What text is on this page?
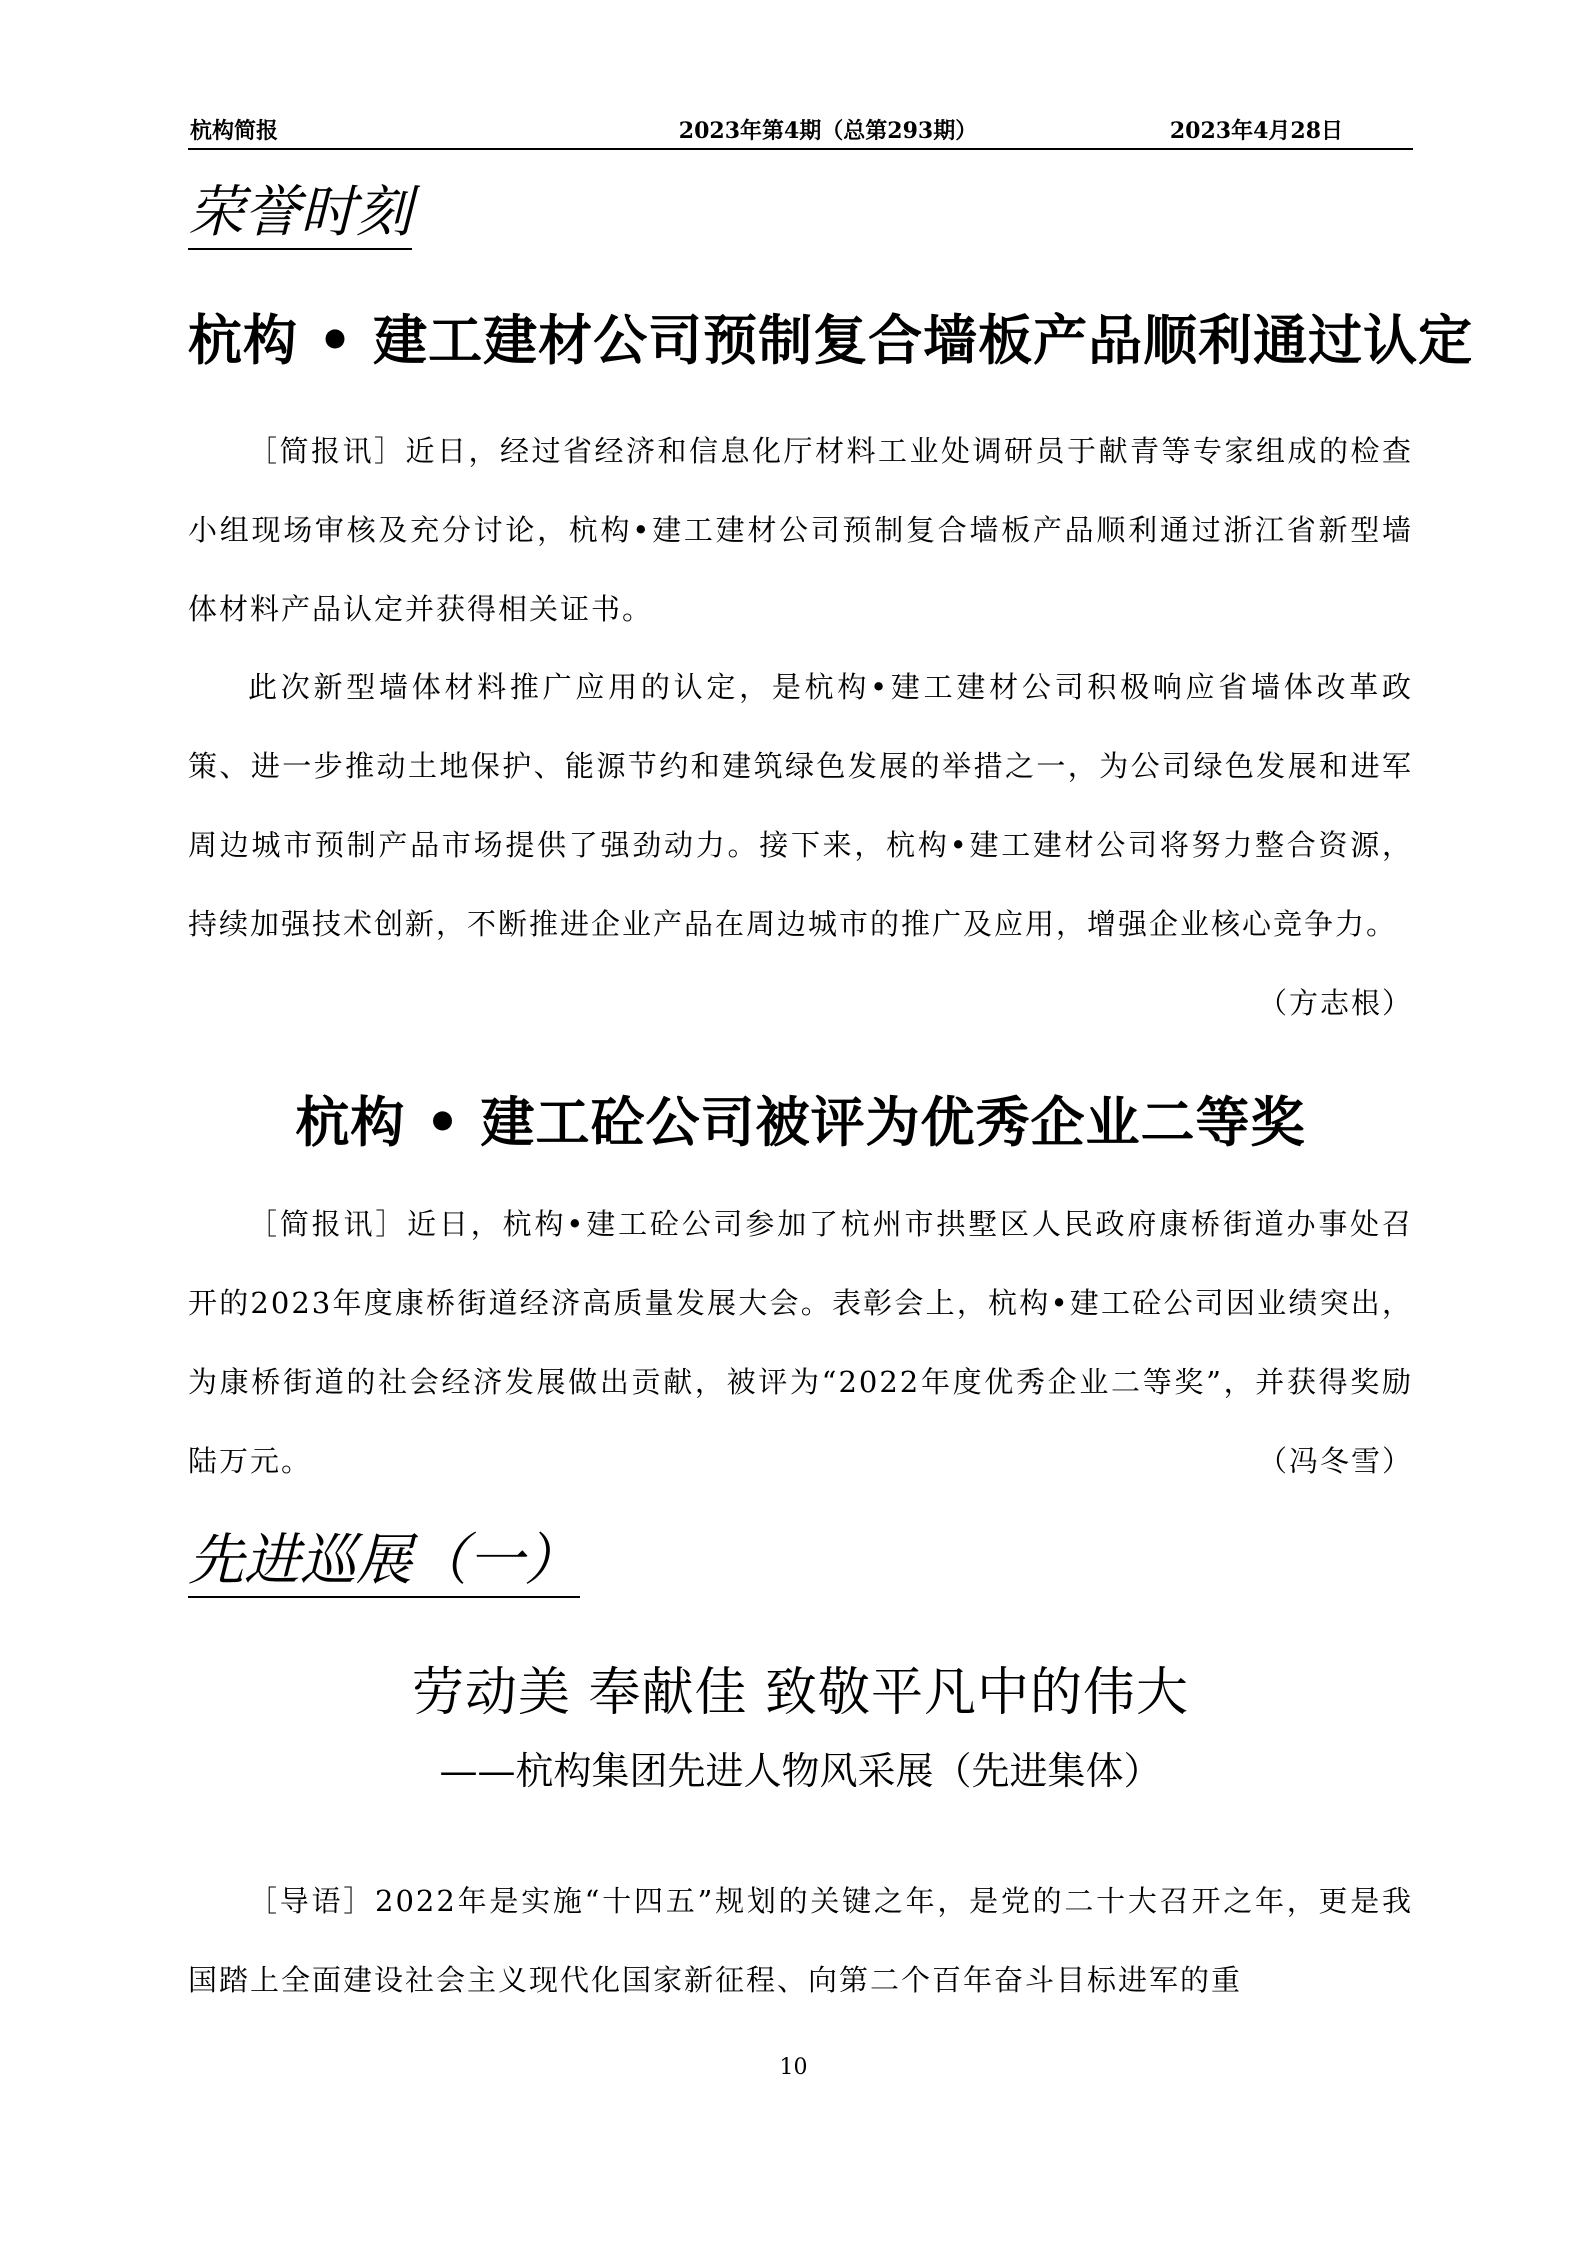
杭构简报	2023年第4期（总第293期）	2023年4月28日
荣誉时刻
杭构 • 建工建材公司预制复合墙板产品顺利通过认定
［简报讯］近日，经过省经济和信息化厅材料工业处调研员于献青等专家组成的检查小组现场审核及充分讨论，杭构•建工建材公司预制复合墙板产品顺利通过浙江省新型墙体材料产品认定并获得相关证书。
此次新型墙体材料推广应用的认定，是杭构•建工建材公司积极响应省墙体改革政策、进一步推动土地保护、能源节约和建筑绿色发展的举措之一，为公司绿色发展和进军周边城市预制产品市场提供了强劲动力。接下来，杭构•建工建材公司将努力整合资源，持续加强技术创新，不断推进企业产品在周边城市的推广及应用，增强企业核心竞争力。
（方志根）
杭构 • 建工砼公司被评为优秀企业二等奖
［简报讯］近日，杭构•建工砼公司参加了杭州市拱墅区人民政府康桥街道办事处召开的2023年度康桥街道经济高质量发展大会。表彰会上，杭构•建工砼公司因业绩突出，为康桥街道的社会经济发展做出贡献，被评为“2022年度优秀企业二等奖”，并获得奖励陆万元。	（冯冬雪）
先进巡展（一）
劳动美 奉献佳 致敬平凡中的伟大
——杭构集团先进人物风采展（先进集体）
［导语］2022年是实施“十四五”规划的关键之年，是党的二十大召开之年，更是我国踏上全面建设社会主义现代化国家新征程、向第二个百年奋斗目标进军的重
10
